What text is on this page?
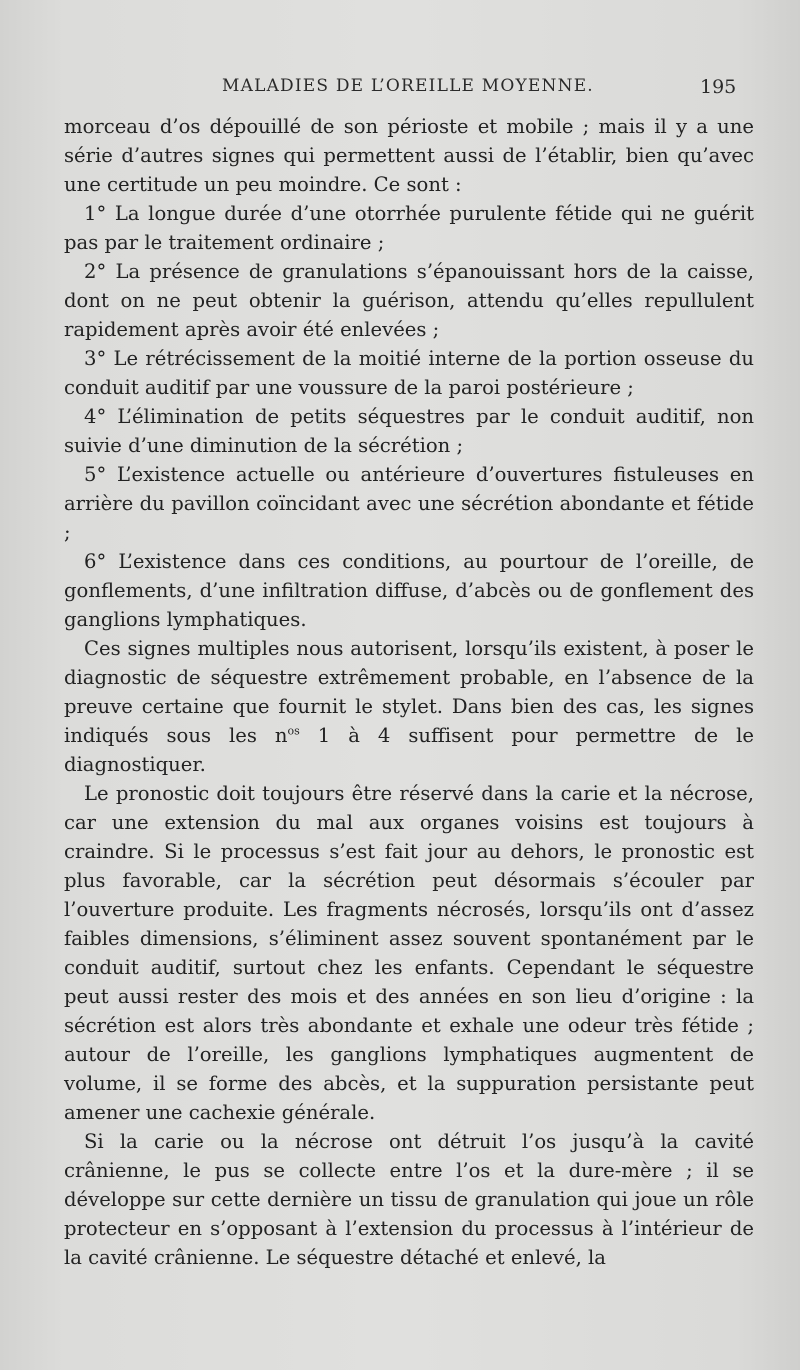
MALADIES DE L’OREILLE MOYENNE.	195

morceau d’os dépouillé de son périoste et mobile ; mais il y a une série d’autres signes qui permettent aussi de l’établir, bien qu’avec une certitude un peu moindre. Ce sont :

1° La longue durée d’une otorrhée purulente fétide qui ne guérit pas par le traitement ordinaire ;

2° La présence de granulations s’épanouissant hors de la caisse, dont on ne peut obtenir la guérison, attendu qu’elles repullulent rapidement après avoir été enlevées ;

3° Le rétrécissement de la moitié interne de la portion osseuse du conduit auditif par une voussure de la paroi postérieure ;

4° L’élimination de petits séquestres par le conduit auditif, non suivie d’une diminution de la sécrétion ;

5° L’existence actuelle ou antérieure d’ouvertures fistuleuses en arrière du pavillon coïncidant avec une sécrétion abondante et fétide ;

6° L’existence dans ces conditions, au pourtour de l’oreille, de gonflements, d’une infiltration diffuse, d’abcès ou de gonflement des ganglions lymphatiques.

Ces signes multiples nous autorisent, lorsqu’ils existent, à poser le diagnostic de séquestre extrêmement probable, en l’absence de la preuve certaine que fournit le stylet. Dans bien des cas, les signes indiqués sous les $n^{os}$ 1 à 4 suffisent pour permettre de le diagnostiquer.

Le pronostic doit toujours être réservé dans la carie et la nécrose, car une extension du mal aux organes voisins est toujours à craindre. Si le processus s’est fait jour au dehors, le pronostic est plus favorable, car la sécrétion peut désormais s’écouler par l’ouverture produite. Les fragments nécrosés, lorsqu’ils ont d’assez faibles dimensions, s’éliminent assez souvent spontanément par le conduit auditif, surtout chez les enfants. Cependant le séquestre peut aussi rester des mois et des années en son lieu d’origine : la sécrétion est alors très abondante et exhale une odeur très fétide ; autour de l’oreille, les ganglions lymphatiques augmentent de volume, il se forme des abcès, et la suppuration persistante peut amener une cachexie générale.

Si la carie ou la nécrose ont détruit l’os jusqu’à la cavité crânienne, le pus se collecte entre l’os et la dure-mère ; il se développe sur cette dernière un tissu de granulation qui joue un rôle protecteur en s’opposant à l’extension du processus à l’intérieur de la cavité crânienne. Le séquestre détaché et enlevé, la
